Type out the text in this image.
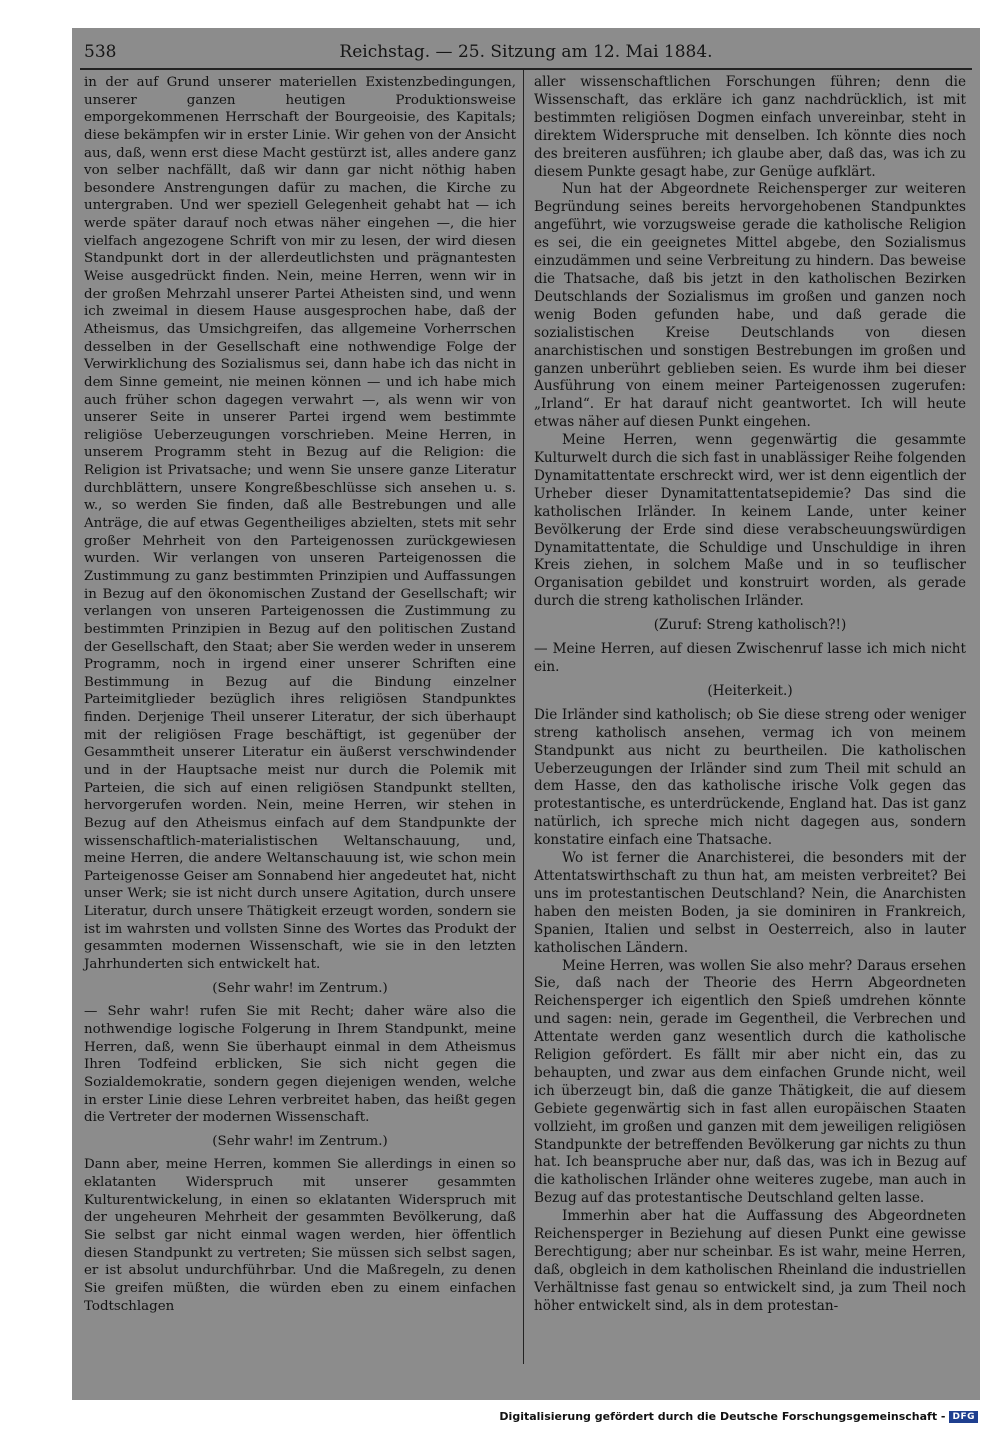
538	Reichstag. — 25. Sitzung am 12. Mai 1884.

in der auf Grund unserer materiellen Existenzbedingungen, unserer ganzen heutigen Produktionsweise emporgekommenen Herrschaft der Bourgeoisie, des Kapitals; diese bekämpfen wir in erster Linie. Wir gehen von der Ansicht aus, daß, wenn erst diese Macht gestürzt ist, alles andere ganz von selber nachfällt, daß wir dann gar nicht nöthig haben besondere Anstrengungen dafür zu machen, die Kirche zu untergraben. Und wer speziell Gelegenheit gehabt hat — ich werde später darauf noch etwas näher eingehen —, die hier vielfach angezogene Schrift von mir zu lesen, der wird diesen Standpunkt dort in der allerdeutlichsten und prägnantesten Weise ausgedrückt finden. Nein, meine Herren, wenn wir in der großen Mehrzahl unserer Partei Atheisten sind, und wenn ich zweimal in diesem Hause ausgesprochen habe, daß der Atheismus, das Umsichgreifen, das allgemeine Vorherrschen desselben in der Gesellschaft eine nothwendige Folge der Verwirklichung des Sozialismus sei, dann habe ich das nicht in dem Sinne gemeint, nie meinen können — und ich habe mich auch früher schon dagegen verwahrt —, als wenn wir von unserer Seite in unserer Partei irgend wem bestimmte religiöse Ueberzeugungen vorschrieben. Meine Herren, in unserem Programm steht in Bezug auf die Religion: die Religion ist Privatsache; und wenn Sie unsere ganze Literatur durchblättern, unsere Kongreßbeschlüsse sich ansehen u. s. w., so werden Sie finden, daß alle Bestrebungen und alle Anträge, die auf etwas Gegentheiliges abzielten, stets mit sehr großer Mehrheit von den Parteigenossen zurückgewiesen wurden. Wir verlangen von unseren Parteigenossen die Zustimmung zu ganz bestimmten Prinzipien und Auffassungen in Bezug auf den ökonomischen Zustand der Gesellschaft; wir verlangen von unseren Parteigenossen die Zustimmung zu bestimmten Prinzipien in Bezug auf den politischen Zustand der Gesellschaft, den Staat; aber Sie werden weder in unserem Programm, noch in irgend einer unserer Schriften eine Bestimmung in Bezug auf die Bindung einzelner Parteimitglieder bezüglich ihres religiösen Standpunktes finden. Derjenige Theil unserer Literatur, der sich überhaupt mit der religiösen Frage beschäftigt, ist gegenüber der Gesammtheit unserer Literatur ein äußerst verschwindender und in der Hauptsache meist nur durch die Polemik mit Parteien, die sich auf einen religiösen Standpunkt stellten, hervorgerufen worden. Nein, meine Herren, wir stehen in Bezug auf den Atheismus einfach auf dem Standpunkte der wissenschaftlich-materialistischen Weltanschauung, und, meine Herren, die andere Weltanschauung ist, wie schon mein Parteigenosse Geiser am Sonnabend hier angedeutet hat, nicht unser Werk; sie ist nicht durch unsere Agitation, durch unsere Literatur, durch unsere Thätigkeit erzeugt worden, sondern sie ist im wahrsten und vollsten Sinne des Wortes das Produkt der gesammten modernen Wissenschaft, wie sie in den letzten Jahrhunderten sich entwickelt hat.

(Sehr wahr! im Zentrum.)

— Sehr wahr! rufen Sie mit Recht; daher wäre also die nothwendige logische Folgerung in Ihrem Standpunkt, meine Herren, daß, wenn Sie überhaupt einmal in dem Atheismus Ihren Todfeind erblicken, Sie sich nicht gegen die Sozialdemokratie, sondern gegen diejenigen wenden, welche in erster Linie diese Lehren verbreitet haben, das heißt gegen die Vertreter der modernen Wissenschaft.

(Sehr wahr! im Zentrum.)

Dann aber, meine Herren, kommen Sie allerdings in einen so eklatanten Widerspruch mit unserer gesammten Kulturentwickelung, in einen so eklatanten Widerspruch mit der ungeheuren Mehrheit der gesammten Bevölkerung, daß Sie selbst gar nicht einmal wagen werden, hier öffentlich diesen Standpunkt zu vertreten; Sie müssen sich selbst sagen, er ist absolut undurchführbar. Und die Maßregeln, zu denen Sie greifen müßten, die würden eben zu einem einfachen Todtschlagen

aller wissenschaftlichen Forschungen führen; denn die Wissenschaft, das erkläre ich ganz nachdrücklich, ist mit bestimmten religiösen Dogmen einfach unvereinbar, steht in direktem Widerspruche mit denselben. Ich könnte dies noch des breiteren ausführen; ich glaube aber, daß das, was ich zu diesem Punkte gesagt habe, zur Genüge aufklärt.

Nun hat der Abgeordnete Reichensperger zur weiteren Begründung seines bereits hervorgehobenen Standpunktes angeführt, wie vorzugsweise gerade die katholische Religion es sei, die ein geeignetes Mittel abgebe, den Sozialismus einzudämmen und seine Verbreitung zu hindern. Das beweise die Thatsache, daß bis jetzt in den katholischen Bezirken Deutschlands der Sozialismus im großen und ganzen noch wenig Boden gefunden habe, und daß gerade die sozialistischen Kreise Deutschlands von diesen anarchistischen und sonstigen Bestrebungen im großen und ganzen unberührt geblieben seien. Es wurde ihm bei dieser Ausführung von einem meiner Parteigenossen zugerufen: „Irland“. Er hat darauf nicht geantwortet. Ich will heute etwas näher auf diesen Punkt eingehen.

Meine Herren, wenn gegenwärtig die gesammte Kulturwelt durch die sich fast in unablässiger Reihe folgenden Dynamitattentate erschreckt wird, wer ist denn eigentlich der Urheber dieser Dynamitattentatsepidemie? Das sind die katholischen Irländer. In keinem Lande, unter keiner Bevölkerung der Erde sind diese verabscheuungswürdigen Dynamitattentate, die Schuldige und Unschuldige in ihren Kreis ziehen, in solchem Maße und in so teuflischer Organisation gebildet und konstruirt worden, als gerade durch die streng katholischen Irländer.

(Zuruf: Streng katholisch?!)

— Meine Herren, auf diesen Zwischenruf lasse ich mich nicht ein.

(Heiterkeit.)

Die Irländer sind katholisch; ob Sie diese streng oder weniger streng katholisch ansehen, vermag ich von meinem Standpunkt aus nicht zu beurtheilen. Die katholischen Ueberzeugungen der Irländer sind zum Theil mit schuld an dem Hasse, den das katholische irische Volk gegen das protestantische, es unterdrückende, England hat. Das ist ganz natürlich, ich spreche mich nicht dagegen aus, sondern konstatire einfach eine Thatsache.

Wo ist ferner die Anarchisterei, die besonders mit der Attentatswirthschaft zu thun hat, am meisten verbreitet? Bei uns im protestantischen Deutschland? Nein, die Anarchisten haben den meisten Boden, ja sie dominiren in Frankreich, Spanien, Italien und selbst in Oesterreich, also in lauter katholischen Ländern.

Meine Herren, was wollen Sie also mehr? Daraus ersehen Sie, daß nach der Theorie des Herrn Abgeordneten Reichensperger ich eigentlich den Spieß umdrehen könnte und sagen: nein, gerade im Gegentheil, die Verbrechen und Attentate werden ganz wesentlich durch die katholische Religion gefördert. Es fällt mir aber nicht ein, das zu behaupten, und zwar aus dem einfachen Grunde nicht, weil ich überzeugt bin, daß die ganze Thätigkeit, die auf diesem Gebiete gegenwärtig sich in fast allen europäischen Staaten vollzieht, im großen und ganzen mit dem jeweiligen religiösen Standpunkte der betreffenden Bevölkerung gar nichts zu thun hat. Ich beanspruche aber nur, daß das, was ich in Bezug auf die katholischen Irländer ohne weiteres zugebe, man auch in Bezug auf das protestantische Deutschland gelten lasse.

Immerhin aber hat die Auffassung des Abgeordneten Reichensperger in Beziehung auf diesen Punkt eine gewisse Berechtigung; aber nur scheinbar. Es ist wahr, meine Herren, daß, obgleich in dem katholischen Rheinland die industriellen Verhältnisse fast genau so entwickelt sind, ja zum Theil noch höher entwickelt sind, als in dem protestan-

Digitalisierung gefördert durch die Deutsche Forschungsgemeinschaft - DFG
